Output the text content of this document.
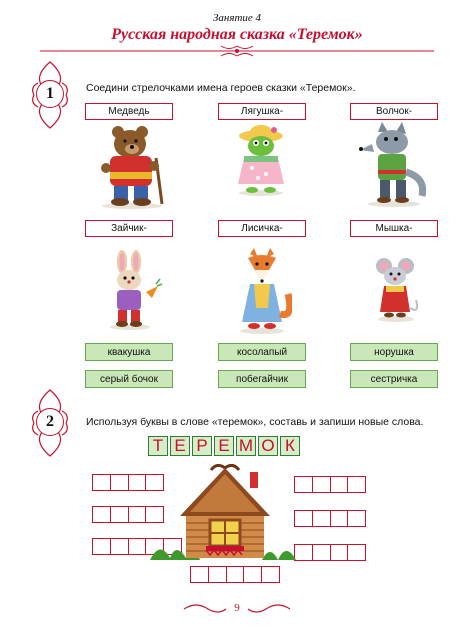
Занятие 4
Русская народная сказка «Теремок»
1	Соедини стрелочками имена героев сказки «Теремок».
Медведь	Лягушка-	Волчок-
Зайчик-	Лисичка-	Мышка-
квакушка	косолапый	норушка
серый бочок	побегайчик	сестричка
2	Используя буквы в слове «теремок», составь и запиши новые слова.
Т Е Р Е М О К
9
